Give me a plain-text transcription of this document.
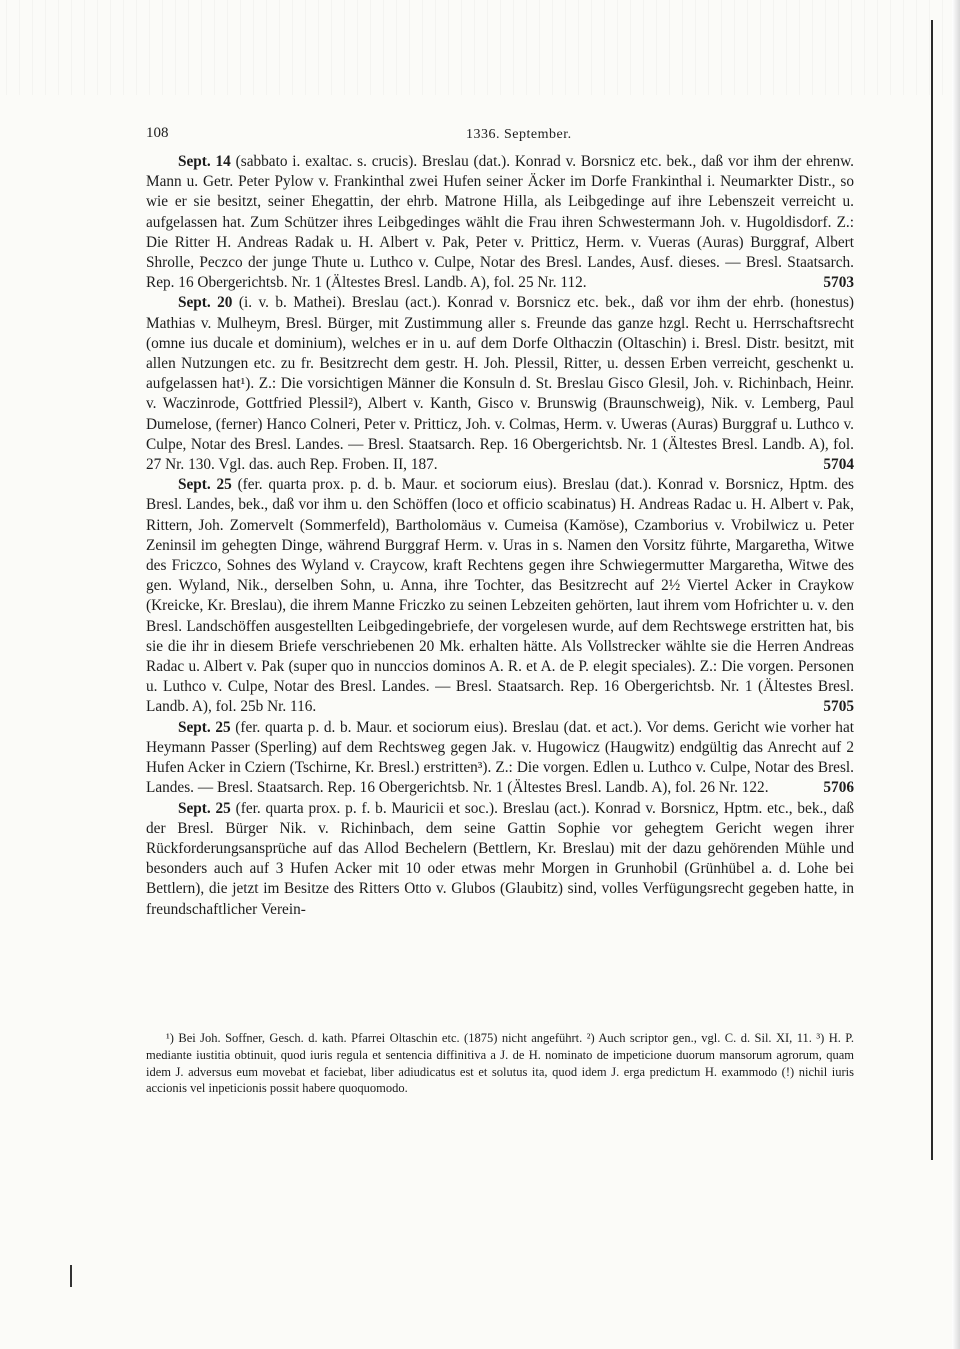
108	1336. September.

Sept. 14 (sabbato i. exaltac. s. crucis). Breslau (dat.). Konrad v. Borsnicz etc. bek., daß vor ihm der ehrenw. Mann u. Getr. Peter Pylow v. Frankinthal zwei Hufen seiner Äcker im Dorfe Frankinthal i. Neumarkter Distr., so wie er sie besitzt, seiner Ehegattin, der ehrb. Matrone Hilla, als Leibgedinge auf ihre Lebenszeit verreicht u. aufgelassen hat. Zum Schützer ihres Leibgedinges wählt die Frau ihren Schwestermann Joh. v. Hugoldisdorf. Z.: Die Ritter H. Andreas Radak u. H. Albert v. Pak, Peter v. Pritticz, Herm. v. Vueras (Auras) Burggraf, Albert Shrolle, Peczco der junge Thute u. Luthco v. Culpe, Notar des Bresl. Landes, Ausf. dieses. — Bresl. Staatsarch. Rep. 16 Obergerichtsb. Nr. 1 (Ältestes Bresl. Landb. A), fol. 25 Nr. 112.	5703

Sept. 20 (i. v. b. Mathei). Breslau (act.). Konrad v. Borsnicz etc. bek., daß vor ihm der ehrb. (honestus) Mathias v. Mulheym, Bresl. Bürger, mit Zustimmung aller s. Freunde das ganze hzgl. Recht u. Herrschaftsrecht (omne ius ducale et dominium), welches er in u. auf dem Dorfe Olthaczin (Oltaschin) i. Bresl. Distr. besitzt, mit allen Nutzungen etc. zu fr. Besitzrecht dem gestr. H. Joh. Plessil, Ritter, u. dessen Erben verreicht, geschenkt u. aufgelassen hat¹). Z.: Die vorsichtigen Männer die Konsuln d. St. Breslau Gisco Glesil, Joh. v. Richinbach, Heinr. v. Waczinrode, Gottfried Plessil²), Albert v. Kanth, Gisco v. Brunswig (Braunschweig), Nik. v. Lemberg, Paul Dumelose, (ferner) Hanco Colneri, Peter v. Pritticz, Joh. v. Colmas, Herm. v. Uweras (Auras) Burggraf u. Luthco v. Culpe, Notar des Bresl. Landes. — Bresl. Staatsarch. Rep. 16 Obergerichtsb. Nr. 1 (Ältestes Bresl. Landb. A), fol. 27 Nr. 130. Vgl. das. auch Rep. Froben. II, 187.	5704

Sept. 25 (fer. quarta prox. p. d. b. Maur. et sociorum eius). Breslau (dat.). Konrad v. Borsnicz, Hptm. des Bresl. Landes, bek., daß vor ihm u. den Schöffen (loco et officio scabinatus) H. Andreas Radac u. H. Albert v. Pak, Rittern, Joh. Zomervelt (Sommerfeld), Bartholomäus v. Cumeisa (Kamöse), Czamborius v. Vrobilwicz u. Peter Zeninsil im gehegten Dinge, während Burggraf Herm. v. Uras in s. Namen den Vorsitz führte, Margaretha, Witwe des Friczco, Sohnes des Wyland v. Craycow, kraft Rechtens gegen ihre Schwiegermutter Margaretha, Witwe des gen. Wyland, Nik., derselben Sohn, u. Anna, ihre Tochter, das Besitzrecht auf 2½ Viertel Acker in Craykow (Kreicke, Kr. Breslau), die ihrem Manne Friczko zu seinen Lebzeiten gehörten, laut ihrem vom Hofrichter u. v. den Bresl. Landschöffen ausgestellten Leibgedingebriefe, der vorgelesen wurde, auf dem Rechtswege erstritten hat, bis sie die ihr in diesem Briefe verschriebenen 20 Mk. erhalten hätte. Als Vollstrecker wählte sie die Herren Andreas Radac u. Albert v. Pak (super quo in nunccios dominos A. R. et A. de P. elegit speciales). Z.: Die vorgen. Personen u. Luthco v. Culpe, Notar des Bresl. Landes. — Bresl. Staatsarch. Rep. 16 Obergerichtsb. Nr. 1 (Ältestes Bresl. Landb. A), fol. 25b Nr. 116.	5705

Sept. 25 (fer. quarta p. d. b. Maur. et sociorum eius). Breslau (dat. et act.). Vor dems. Gericht wie vorher hat Heymann Passer (Sperling) auf dem Rechtsweg gegen Jak. v. Hugowicz (Haugwitz) endgültig das Anrecht auf 2 Hufen Acker in Cziern (Tschirne, Kr. Bresl.) erstritten³). Z.: Die vorgen. Edlen u. Luthco v. Culpe, Notar des Bresl. Landes. — Bresl. Staatsarch. Rep. 16 Obergerichtsb. Nr. 1 (Ältestes Bresl. Landb. A), fol. 26 Nr. 122.	5706

Sept. 25 (fer. quarta prox. p. f. b. Mauricii et soc.). Breslau (act.). Konrad v. Borsnicz, Hptm. etc., bek., daß der Bresl. Bürger Nik. v. Richinbach, dem seine Gattin Sophie vor gehegtem Gericht wegen ihrer Rückforderungsansprüche auf das Allod Bechelern (Bettlern, Kr. Breslau) mit der dazu gehörenden Mühle und besonders auch auf 3 Hufen Acker mit 10 oder etwas mehr Morgen in Grunhobil (Grünhübel a. d. Lohe bei Bettlern), die jetzt im Besitze des Ritters Otto v. Glubos (Glaubitz) sind, volles Verfügungsrecht gegeben hatte, in freundschaftlicher Verein-

¹) Bei Joh. Soffner, Gesch. d. kath. Pfarrei Oltaschin etc. (1875) nicht angeführt. ²) Auch scriptor gen., vgl. C. d. Sil. XI, 11. ³) H. P. mediante iustitia obtinuit, quod iuris regula et sentencia diffinitiva a J. de H. nominato de impeticione duorum mansorum agrorum, quam idem J. adversus eum movebat et faciebat, liber adiudicatus est et solutus ita, quod idem J. erga predictum H. exammodo (!) nichil iuris accionis vel inpeticionis possit habere quoquomodo.
